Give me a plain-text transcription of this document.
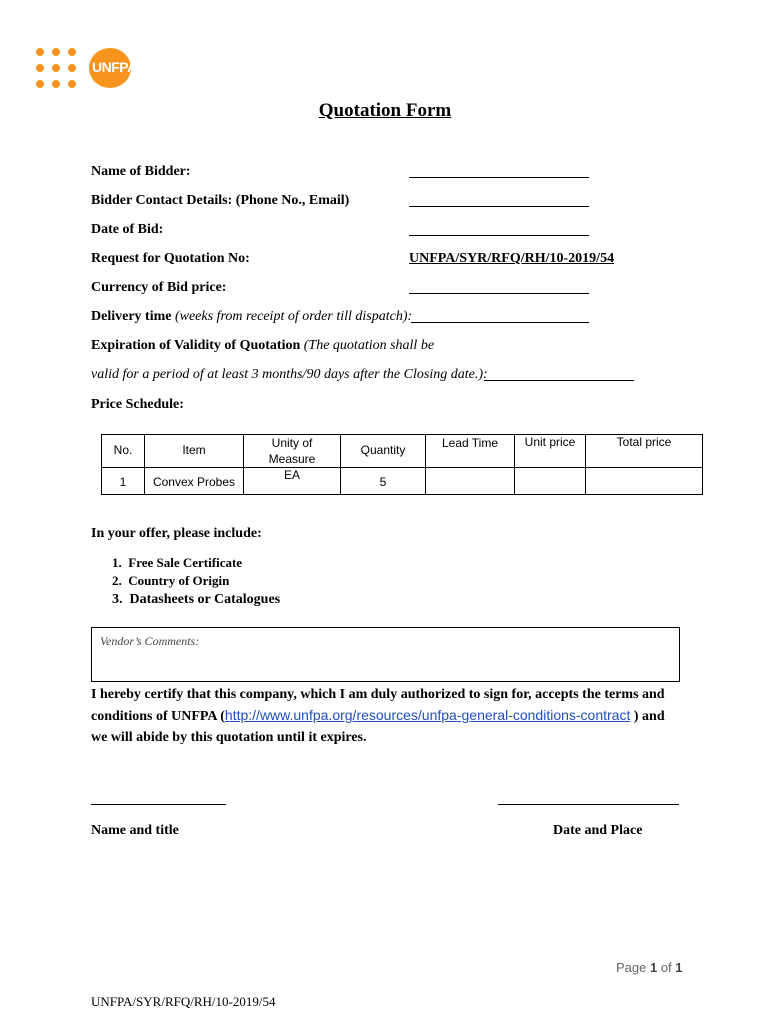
UNFPA
Quotation Form
Name of Bidder:
Bidder Contact Details: (Phone No., Email)
Date of Bid:
Request for Quotation No:	UNFPA/SYR/RFQ/RH/10-2019/54
Currency of Bid price:
Delivery time (weeks from receipt of order till dispatch):
Expiration of Validity of Quotation (The quotation shall be
valid for a period of at least 3 months/90 days after the Closing date.):
Price Schedule:
No.	Item	Unity of Measure	Quantity	Lead Time	Unit price	Total price
1	Convex Probes	EA	5			
In your offer, please include:
1.  Free Sale Certificate
2.  Country of Origin
3.  Datasheets or Catalogues
Vendor’s Comments:
I hereby certify that this company, which I am duly authorized to sign for, accepts the terms and conditions of UNFPA (http://www.unfpa.org/resources/unfpa-general-conditions-contract ) and we will abide by this quotation until it expires.
Name and title	Date and Place
Page 1 of 1
UNFPA/SYR/RFQ/RH/10-2019/54
